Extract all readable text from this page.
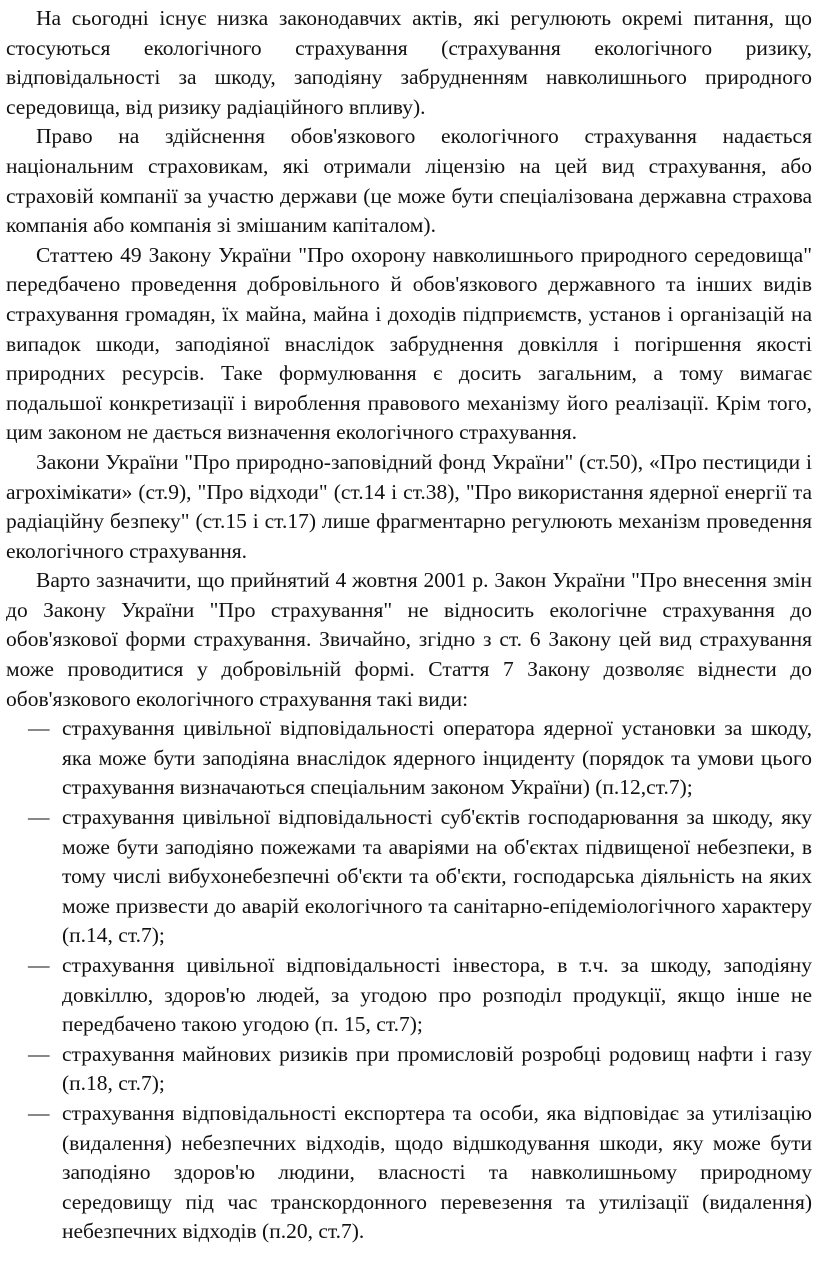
На сьогодні існує низка законодавчих актів, які регулюють окремі питання, що стосуються екологічного страхування (страхування екологічного ризику, відповідальності за шкоду, заподіяну забрудненням навколишнього природного середовища, від ризику радіаційного впливу).

Право на здійснення обов'язкового екологічного страхування надається національним страховикам, які отримали ліцензію на цей вид страхування, або страховій компанії за участю держави (це може бути спеціалізована державна страхова компанія або компанія зі змішаним капіталом).

Статтею 49 Закону України "Про охорону навколишнього природного середовища" передбачено проведення добровільного й обов'язкового державного та інших видів страхування громадян, їх майна, майна і доходів підприємств, установ і організацій на випадок шкоди, заподіяної внаслідок забруднення довкілля і погіршення якості природних ресурсів. Таке формулювання є досить загальним, а тому вимагає подальшої конкретизації і вироблення правового механізму його реалізації. Крім того, цим законом не дається визначення екологічного страхування.

Закони України "Про природно-заповідний фонд України" (ст.50), «Про пестициди і агрохімікати» (ст.9), "Про відходи" (ст.14 і ст.38), "Про використання ядерної енергії та радіаційну безпеку" (ст.15 і ст.17) лише фрагментарно регулюють механізм проведення екологічного страхування.

Варто зазначити, що прийнятий 4 жовтня 2001 р. Закон України "Про внесення змін до Закону України "Про страхування" не відносить екологічне страхування до обов'язкової форми страхування. Звичайно, згідно з ст. 6 Закону цей вид страхування може проводитися у добровільній формі. Стаття 7 Закону дозволяє віднести до обов'язкового екологічного страхування такі види:

— страхування цивільної відповідальності оператора ядерної установки за шкоду, яка може бути заподіяна внаслідок ядерного інциденту (порядок та умови цього страхування визначаються спеціальним законом України) (п.12,ст.7);
— страхування цивільної відповідальності суб'єктів господарювання за шкоду, яку може бути заподіяно пожежами та аваріями на об'єктах підвищеної небезпеки, в тому числі вибухонебезпечні об'єкти та об'єкти, господарська діяльність на яких може призвести до аварій екологічного та санітарно-епідеміологічного характеру (п.14, ст.7);
— страхування цивільної відповідальності інвестора, в т.ч. за шкоду, заподіяну довкіллю, здоров'ю людей, за угодою про розподіл продукції, якщо інше не передбачено такою угодою (п. 15, ст.7);
— страхування майнових ризиків при промисловій розробці родовищ нафти і газу (п.18, ст.7);
— страхування відповідальності експортера та особи, яка відповідає за утилізацію (видалення) небезпечних відходів, щодо відшкодування шкоди, яку може бути заподіяно здоров'ю людини, власності та навколишньому природному середовищу під час транскордонного перевезення та утилізації (видалення) небезпечних відходів (п.20, ст.7).
